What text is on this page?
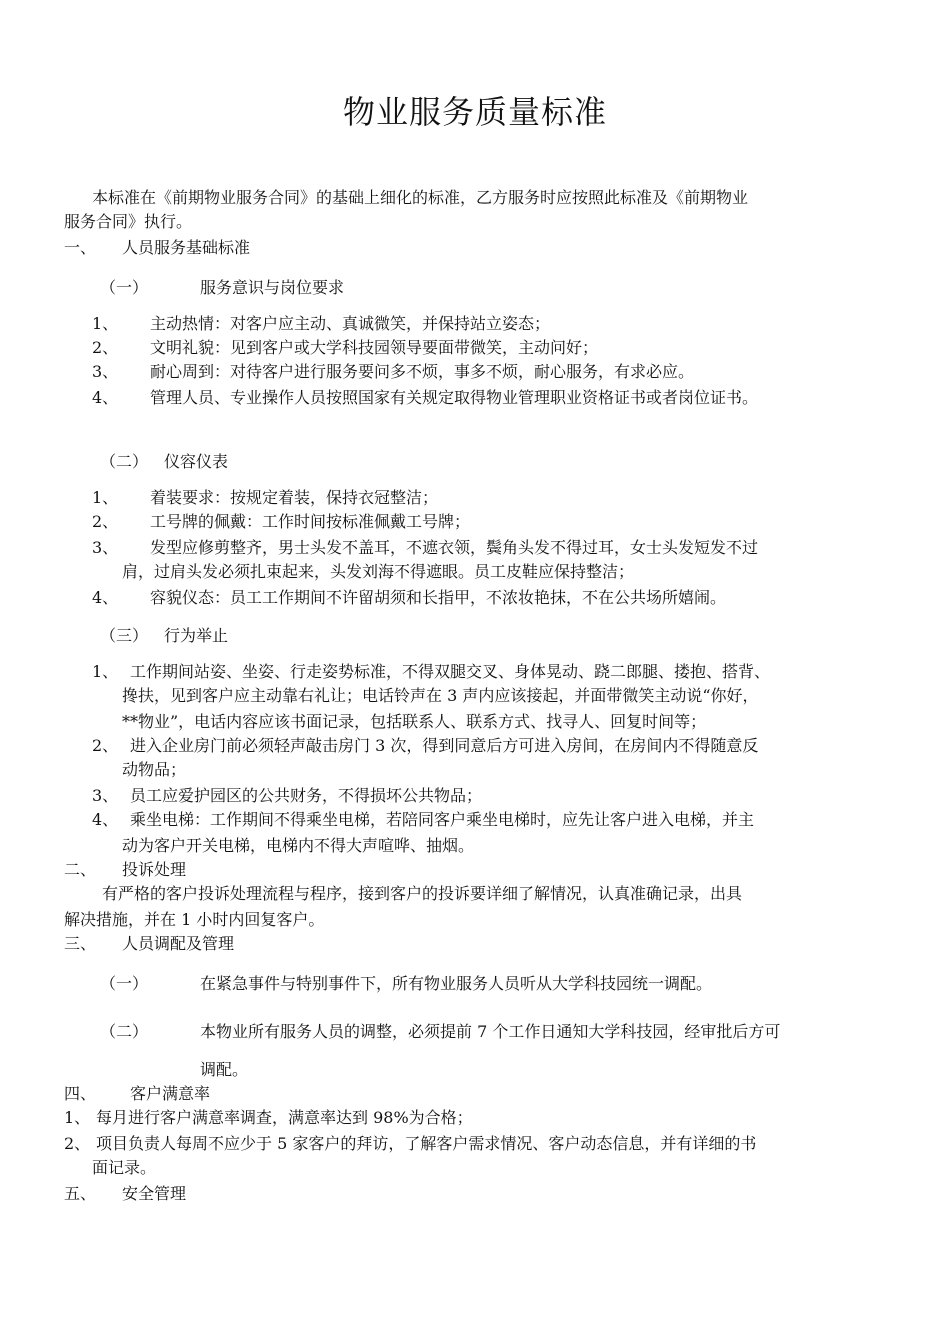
物业服务质量标准
本标准在《前期物业服务合同》的基础上细化的标准，乙方服务时应按照此标准及《前期物业
服务合同》执行。
一、 人员服务基础标准
（一）	服务意识与岗位要求
1、 主动热情：对客户应主动、真诚微笑，并保持站立姿态；
2、 文明礼貌：见到客户或大学科技园领导要面带微笑，主动问好；
3、 耐心周到：对待客户进行服务要问多不烦，事多不烦，耐心服务，有求必应。
4、 管理人员、专业操作人员按照国家有关规定取得物业管理职业资格证书或者岗位证书。
（二） 仪容仪表
1、 着装要求：按规定着装，保持衣冠整洁；
2、 工号牌的佩戴：工作时间按标准佩戴工号牌；
3、 发型应修剪整齐，男士头发不盖耳，不遮衣领，鬓角头发不得过耳，女士头发短发不过
肩，过肩头发必须扎束起来，头发刘海不得遮眼。员工皮鞋应保持整洁；
4、 容貌仪态：员工工作期间不许留胡须和长指甲，不浓妆艳抹，不在公共场所嬉闹。
（三） 行为举止
1、 工作期间站姿、坐姿、行走姿势标准，不得双腿交叉、身体晃动、跷二郎腿、搂抱、搭背、
搀扶，见到客户应主动靠右礼让；电话铃声在 3 声内应该接起，并面带微笑主动说“你好，
**物业”，电话内容应该书面记录，包括联系人、联系方式、找寻人、回复时间等；
2、 进入企业房门前必须轻声敲击房门 3 次，得到同意后方可进入房间，在房间内不得随意反
动物品；
3、 员工应爱护园区的公共财务，不得损坏公共物品；
4、 乘坐电梯：工作期间不得乘坐电梯，若陪同客户乘坐电梯时，应先让客户进入电梯，并主
动为客户开关电梯，电梯内不得大声喧哗、抽烟。
二、 投诉处理
有严格的客户投诉处理流程与程序，接到客户的投诉要详细了解情况，认真准确记录，出具
解决措施，并在 1 小时内回复客户。
三、 人员调配及管理
（一）	在紧急事件与特别事件下，所有物业服务人员听从大学科技园统一调配。
（二）	本物业所有服务人员的调整，必须提前 7 个工作日通知大学科技园，经审批后方可
调配。
四、 客户满意率
1、 每月进行客户满意率调查，满意率达到 98%为合格；
2、 项目负责人每周不应少于 5 家客户的拜访，了解客户需求情况、客户动态信息，并有详细的书
面记录。
五、 安全管理
